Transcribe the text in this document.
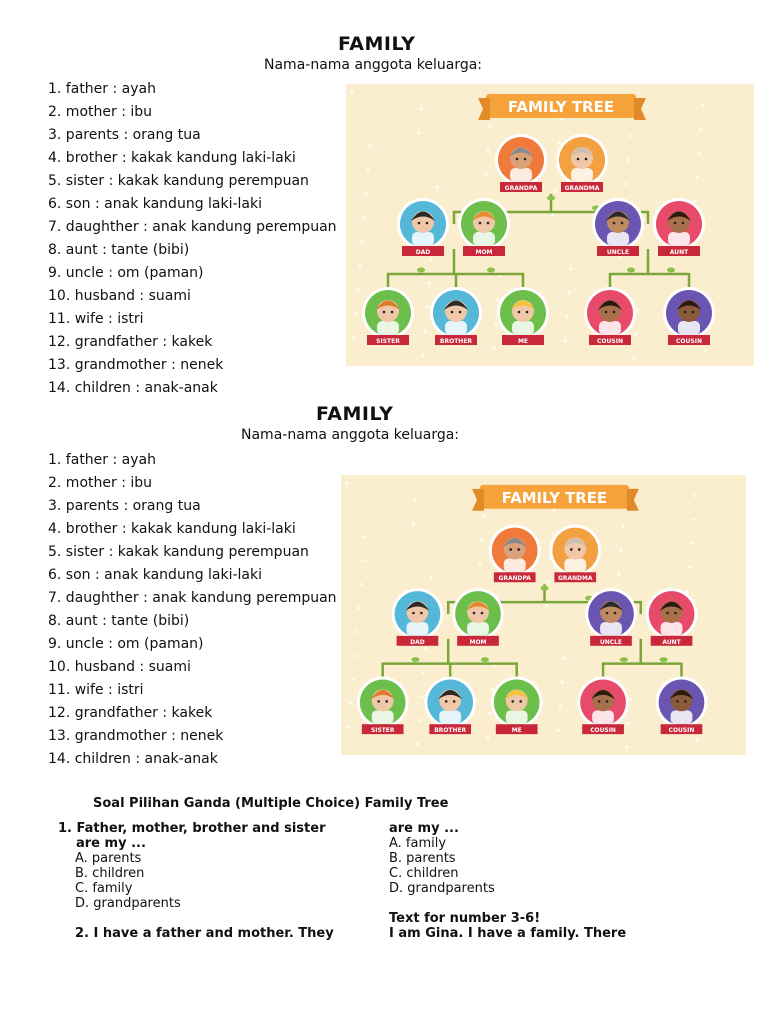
FAMILY
Nama-nama anggota keluarga:
1. father : ayah
2. mother : ibu
3. parents : orang tua
4. brother : kakak kandung laki-laki
5. sister : kakak kandung perempuan
6. son : anak kandung laki-laki
7. daughther : anak kandung perempuan
8. aunt : tante (bibi)
9. uncle : om (paman)
10. husband : suami
11. wife : istri
12. grandfather : kakek
13. grandmother : nenek
14. children : anak-anak
FAMILY TREE
GRANDPA	GRANDMA
DAD	MOM	UNCLE	AUNT
SISTER	BROTHER	ME	COUSIN	COUSIN
FAMILY
Nama-nama anggota keluarga:
1. father : ayah
2. mother : ibu
3. parents : orang tua
4. brother : kakak kandung laki-laki
5. sister : kakak kandung perempuan
6. son : anak kandung laki-laki
7. daughther : anak kandung perempuan
8. aunt : tante (bibi)
9. uncle : om (paman)
10. husband : suami
11. wife : istri
12. grandfather : kakek
13. grandmother : nenek
14. children : anak-anak
FAMILY TREE
GRANDPA	GRANDMA
DAD	MOM	UNCLE	AUNT
SISTER	BROTHER	ME	COUSIN	COUSIN
Soal Pilihan Ganda (Multiple Choice) Family Tree
1. Father, mother, brother and sister
are my ...
A. parents
B. children
C. family
D. grandparents
2. I have a father and mother. They
are my ...
A. family
B. parents
C. children
D. grandparents
Text for number 3-6!
I am Gina. I have a family. There
